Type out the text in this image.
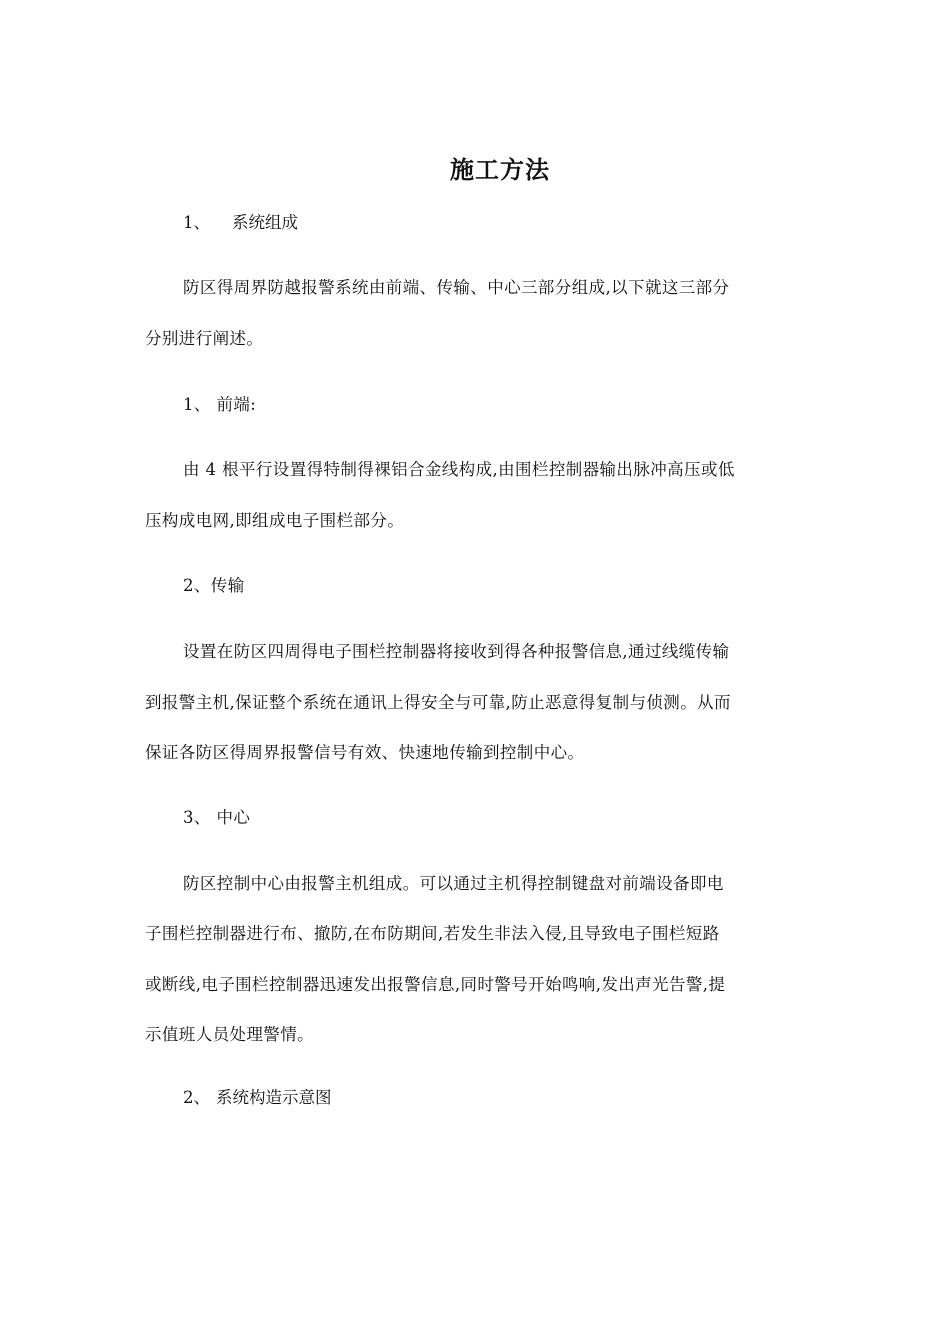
施工方法
1、 系统组成
防区得周界防越报警系统由前端、传输、中心三部分组成,以下就这三部分
分别进行阐述。
1、 前端:
由 4 根平行设置得特制得裸铝合金线构成,由围栏控制器输出脉冲高压或低
压构成电网,即组成电子围栏部分。
2、传输
设置在防区四周得电子围栏控制器将接收到得各种报警信息,通过线缆传输
到报警主机,保证整个系统在通讯上得安全与可靠,防止恶意得复制与侦测。从而
保证各防区得周界报警信号有效、快速地传输到控制中心。
3、 中心
防区控制中心由报警主机组成。可以通过主机得控制键盘对前端设备即电
子围栏控制器进行布、撤防,在布防期间,若发生非法入侵,且导致电子围栏短路
或断线,电子围栏控制器迅速发出报警信息,同时警号开始鸣响,发出声光告警,提
示值班人员处理警情。
2、 系统构造示意图
